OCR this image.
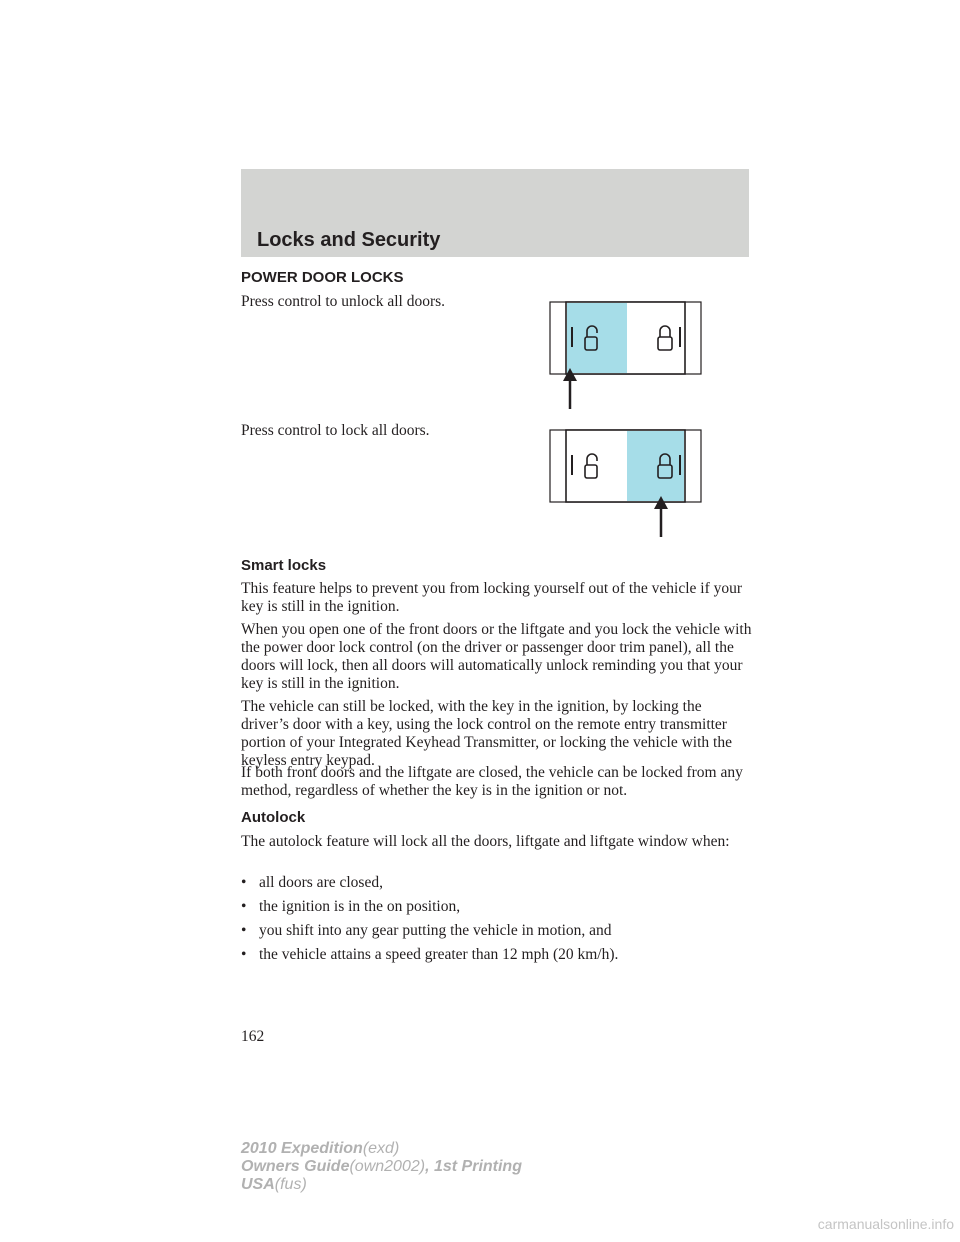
Locks and Security
POWER DOOR LOCKS

Press control to unlock all doors.

Press control to lock all doors.

Smart locks

This feature helps to prevent you from locking yourself out of the vehicle if your key is still in the ignition.

When you open one of the front doors or the liftgate and you lock the vehicle with the power door lock control (on the driver or passenger door trim panel), all the doors will lock, then all doors will automatically unlock reminding you that your key is still in the ignition.

The vehicle can still be locked, with the key in the ignition, by locking the driver’s door with a key, using the lock control on the remote entry transmitter portion of your Integrated Keyhead Transmitter, or locking the vehicle with the keyless entry keypad.

If both front doors and the liftgate are closed, the vehicle can be locked from any method, regardless of whether the key is in the ignition or not.

Autolock

The autolock feature will lock all the doors, liftgate and liftgate window when:

• all doors are closed,
• the ignition is in the on position,
• you shift into any gear putting the vehicle in motion, and
• the vehicle attains a speed greater than 12 mph (20 km/h).
162
2010 Expedition(exd)
Owners Guide(own2002), 1st Printing
USA(fus)
carmanualsonline.info
